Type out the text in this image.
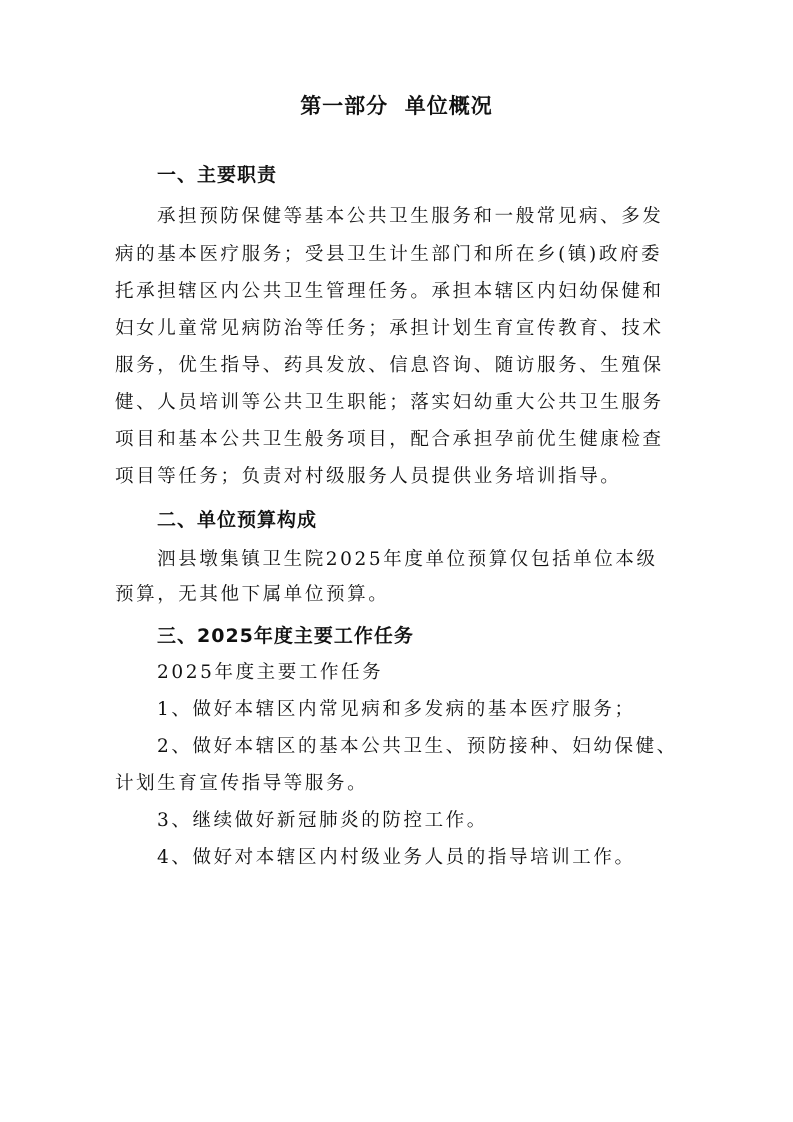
第一部分  单位概况
一、主要职责
承担预防保健等基本公共卫生服务和一般常见病、多发
病的基本医疗服务；受县卫生计生部门和所在乡(镇)政府委
托承担辖区内公共卫生管理任务。承担本辖区内妇幼保健和
妇女儿童常见病防治等任务；承担计划生育宣传教育、技术
服务，优生指导、药具发放、信息咨询、随访服务、生殖保
健、人员培训等公共卫生职能；落实妇幼重大公共卫生服务
项目和基本公共卫生般务项目，配合承担孕前优生健康检查
项目等任务；负责对村级服务人员提供业务培训指导。
二、单位预算构成
泗县墩集镇卫生院2025年度单位预算仅包括单位本级
预算，无其他下属单位预算。
三、2025年度主要工作任务
2025年度主要工作任务
1、做好本辖区内常见病和多发病的基本医疗服务；
2、做好本辖区的基本公共卫生、预防接种、妇幼保健、
计划生育宣传指导等服务。
3、继续做好新冠肺炎的防控工作。
4、做好对本辖区内村级业务人员的指导培训工作。
